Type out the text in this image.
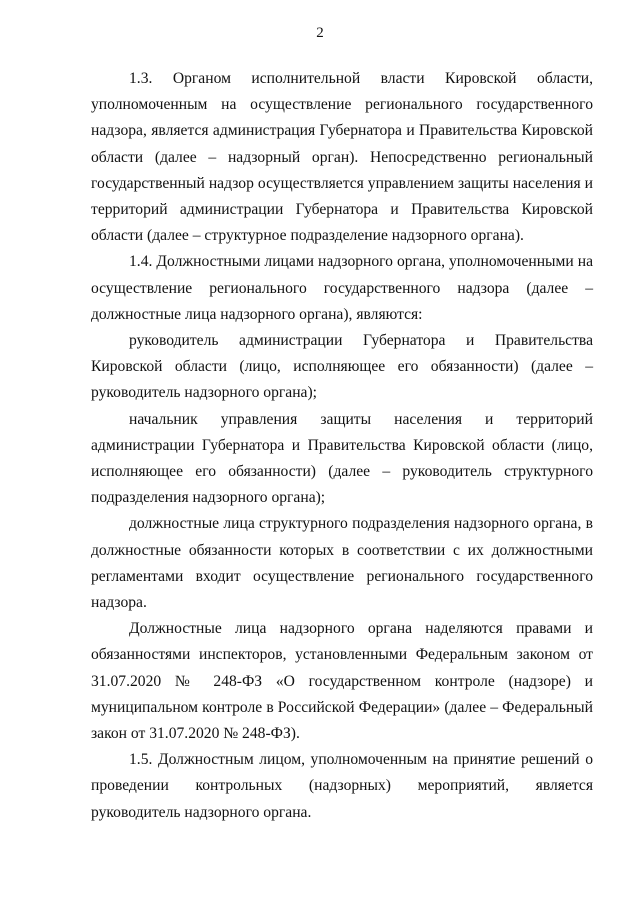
2

1.3. Органом исполнительной власти Кировской области, уполномоченным на осуществление регионального государственного надзора, является администрация Губернатора и Правительства Кировской области (далее – надзорный орган). Непосредственно региональный государственный надзор осуществляется управлением защиты населения и территорий администрации Губернатора и Правительства Кировской области (далее – структурное подразделение надзорного органа).

1.4. Должностными лицами надзорного органа, уполномоченными на осуществление регионального государственного надзора (далее – должностные лица надзорного органа), являются:

руководитель администрации Губернатора и Правительства Кировской области (лицо, исполняющее его обязанности) (далее – руководитель надзорного органа);

начальник управления защиты населения и территорий администрации Губернатора и Правительства Кировской области (лицо, исполняющее его обязанности) (далее – руководитель структурного подразделения надзорного органа);

должностные лица структурного подразделения надзорного органа, в должностные обязанности которых в соответствии с их должностными регламентами входит осуществление регионального государственного надзора.

Должностные лица надзорного органа наделяются правами и обязанностями инспекторов, установленными Федеральным законом от 31.07.2020 № 248-ФЗ «О государственном контроле (надзоре) и муниципальном контроле в Российской Федерации» (далее – Федеральный закон от 31.07.2020 № 248-ФЗ).

1.5. Должностным лицом, уполномоченным на принятие решений о проведении контрольных (надзорных) мероприятий, является руководитель надзорного органа.
